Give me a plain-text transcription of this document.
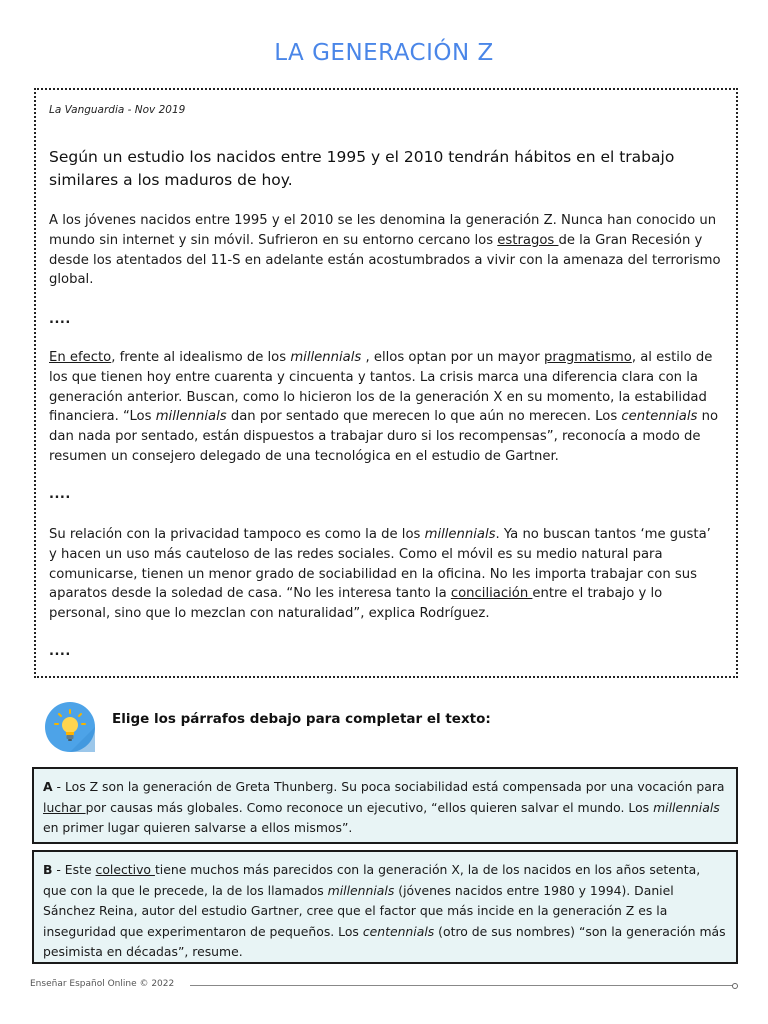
LA GENERACIÓN Z
La Vanguardia - Nov 2019
Según un estudio los nacidos entre 1995 y el 2010 tendrán hábitos en el trabajo similares a los maduros de hoy.
A los jóvenes nacidos entre 1995 y el 2010 se les denomina la generación Z. Nunca han conocido un mundo sin internet y sin móvil. Sufrieron en su entorno cercano los estragos de la Gran Recesión y desde los atentados del 11-S en adelante están acostumbrados a vivir con la amenaza del terrorismo global.
....
En efecto, frente al idealismo de los millennials , ellos optan por un mayor pragmatismo, al estilo de los que tienen hoy entre cuarenta y cincuenta y tantos. La crisis marca una diferencia clara con la generación anterior. Buscan, como lo hicieron los de la generación X en su momento, la estabilidad financiera. “Los millennials dan por sentado que merecen lo que aún no merecen. Los centennials no dan nada por sentado, están dispuestos a trabajar duro si los recompensas”, reconocía a modo de resumen un consejero delegado de una tecnológica en el estudio de Gartner.
....
Su relación con la privacidad tampoco es como la de los millennials. Ya no buscan tantos ‘me gusta’ y hacen un uso más cauteloso de las redes sociales. Como el móvil es su medio natural para comunicarse, tienen un menor grado de sociabilidad en la oficina. No les importa trabajar con sus aparatos desde la soledad de casa. “No les interesa tanto la conciliación entre el trabajo y lo personal, sino que lo mezclan con naturalidad”, explica Rodríguez.
....
Elige los párrafos debajo para completar el texto:
A - Los Z son la generación de Greta Thunberg. Su poca sociabilidad está compensada por una vocación para luchar por causas más globales. Como reconoce un ejecutivo, “ellos quieren salvar el mundo. Los millennials en primer lugar quieren salvarse a ellos mismos”.
B - Este colectivo tiene muchos más parecidos con la generación X, la de los nacidos en los años setenta, que con la que le precede, la de los llamados millennials (jóvenes nacidos entre 1980 y 1994). Daniel Sánchez Reina, autor del estudio Gartner, cree que el factor que más incide en la generación Z es la inseguridad que experimentaron de pequeños. Los centennials (otro de sus nombres) “son la generación más pesimista en décadas”, resume.
Enseñar Español Online © 2022
